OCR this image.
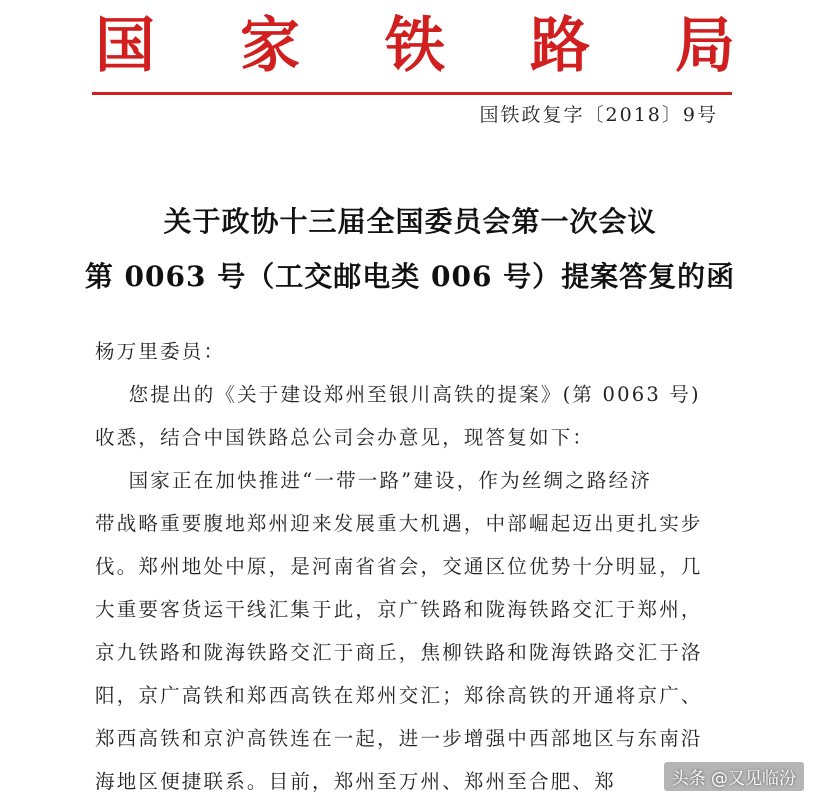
国 家 铁 路 局
国铁政复字〔2018〕9号
关于政协十三届全国委员会第一次会议
第 0063 号（工交邮电类 006 号）提案答复的函
杨万里委员：
您提出的《关于建设郑州至银川高铁的提案》(第 0063 号)
收悉，结合中国铁路总公司会办意见，现答复如下：
国家正在加快推进“一带一路”建设，作为丝绸之路经济
带战略重要腹地郑州迎来发展重大机遇，中部崛起迈出更扎实步
伐。郑州地处中原，是河南省省会，交通区位优势十分明显，几
大重要客货运干线汇集于此，京广铁路和陇海铁路交汇于郑州，
京九铁路和陇海铁路交汇于商丘，焦柳铁路和陇海铁路交汇于洛
阳，京广高铁和郑西高铁在郑州交汇；郑徐高铁的开通将京广、
郑西高铁和京沪高铁连在一起，进一步增强中西部地区与东南沿
海地区便捷联系。目前，郑州至万州、郑州至合肥、郑	头条 @又见临汾
